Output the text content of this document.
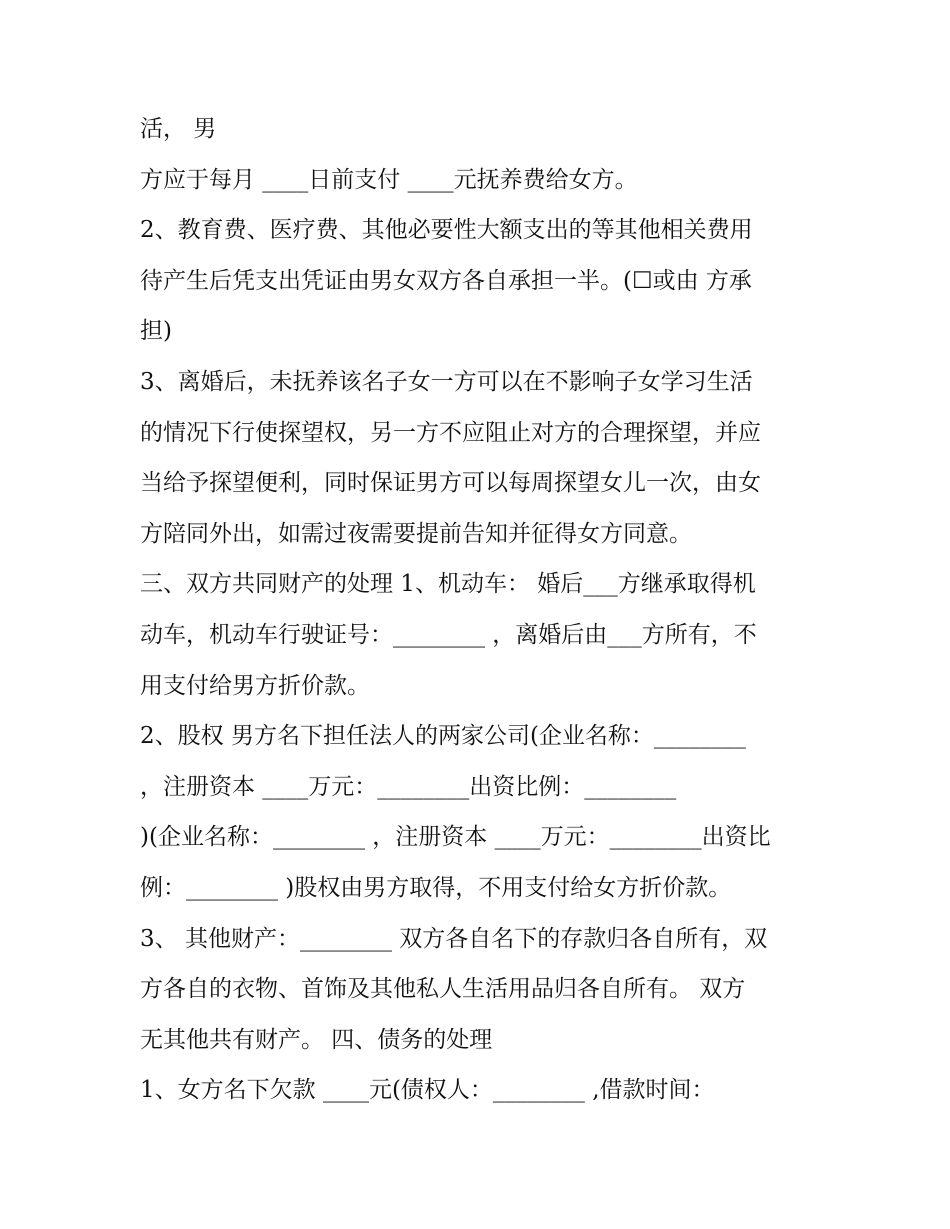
活， 男
方应于每月 ____日前支付 ____元抚养费给女方。
2、教育费、医疗费、其他必要性大额支出的等其他相关费用
待产生后凭支出凭证由男女双方各自承担一半。(☐或由 方承
担)
3、离婚后，未抚养该名子女一方可以在不影响子女学习生活
的情况下行使探望权，另一方不应阻止对方的合理探望，并应
当给予探望便利，同时保证男方可以每周探望女儿一次，由女
方陪同外出，如需过夜需要提前告知并征得女方同意。
三、双方共同财产的处理 1、机动车： 婚后___方继承取得机
动车，机动车行驶证号：________ ，离婚后由___方所有，不
用支付给男方折价款。
2、股权 男方名下担任法人的两家公司(企业名称：________
，注册资本 ____万元：________出资比例：________
)(企业名称：________ ，注册资本 ____万元：________出资比
例：________ )股权由男方取得，不用支付给女方折价款。
3、 其他财产：________ 双方各自名下的存款归各自所有，双
方各自的衣物、首饰及其他私人生活用品归各自所有。 双方
无其他共有财产。 四、债务的处理
1、女方名下欠款 ____元(债权人：________ ,借款时间：
